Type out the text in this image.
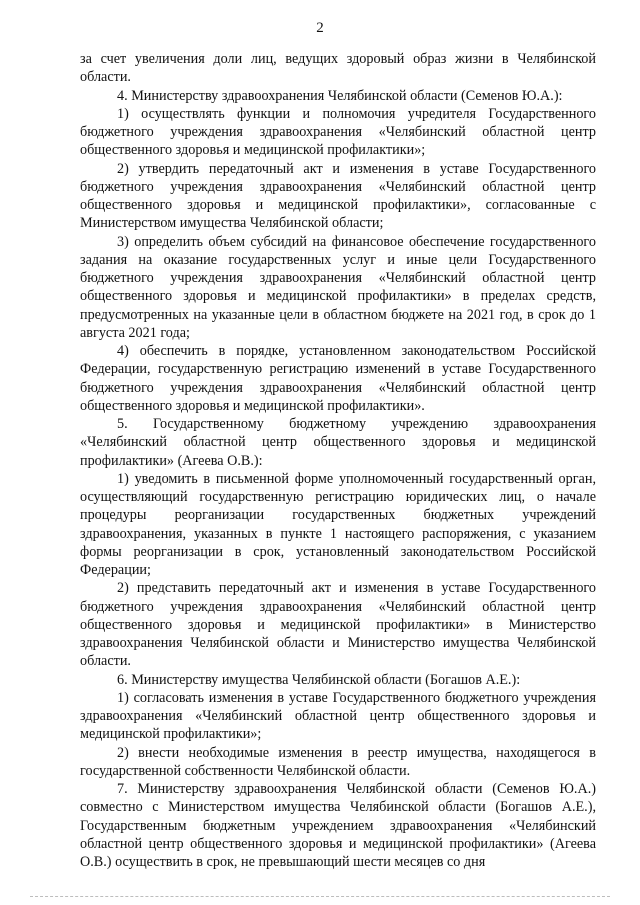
2

за счет увеличения доли лиц, ведущих здоровый образ жизни в Челябинской области.

4. Министерству здравоохранения Челябинской области (Семенов Ю.А.):

1) осуществлять функции и полномочия учредителя Государственного бюджетного учреждения здравоохранения «Челябинский областной центр общественного здоровья и медицинской профилактики»;

2) утвердить передаточный акт и изменения в уставе Государственного бюджетного учреждения здравоохранения «Челябинский областной центр общественного здоровья и медицинской профилактики», согласованные с Министерством имущества Челябинской области;

3) определить объем субсидий на финансовое обеспечение государственного задания на оказание государственных услуг и иные цели Государственного бюджетного учреждения здравоохранения «Челябинский областной центр общественного здоровья и медицинской профилактики» в пределах средств, предусмотренных на указанные цели в областном бюджете на 2021 год, в срок до 1 августа 2021 года;

4) обеспечить в порядке, установленном законодательством Российской Федерации, государственную регистрацию изменений в уставе Государственного бюджетного учреждения здравоохранения «Челябинский областной центр общественного здоровья и медицинской профилактики».

5. Государственному бюджетному учреждению здравоохранения «Челябинский областной центр общественного здоровья и медицинской профилактики» (Агеева О.В.):

1) уведомить в письменной форме уполномоченный государственный орган, осуществляющий государственную регистрацию юридических лиц, о начале процедуры реорганизации государственных бюджетных учреждений здравоохранения, указанных в пункте 1 настоящего распоряжения, с указанием формы реорганизации в срок, установленный законодательством Российской Федерации;

2) представить передаточный акт и изменения в уставе Государственного бюджетного учреждения здравоохранения «Челябинский областной центр общественного здоровья и медицинской профилактики» в Министерство здравоохранения Челябинской области и Министерство имущества Челябинской области.

6. Министерству имущества Челябинской области (Богашов А.Е.):

1) согласовать изменения в уставе Государственного бюджетного учреждения здравоохранения «Челябинский областной центр общественного здоровья и медицинской профилактики»;

2) внести необходимые изменения в реестр имущества, находящегося в государственной собственности Челябинской области.

7. Министерству здравоохранения Челябинской области (Семенов Ю.А.) совместно с Министерством имущества Челябинской области (Богашов А.Е.), Государственным бюджетным учреждением здравоохранения «Челябинский областной центр общественного здоровья и медицинской профилактики» (Агеева О.В.) осуществить в срок, не превышающий шести месяцев со дня
